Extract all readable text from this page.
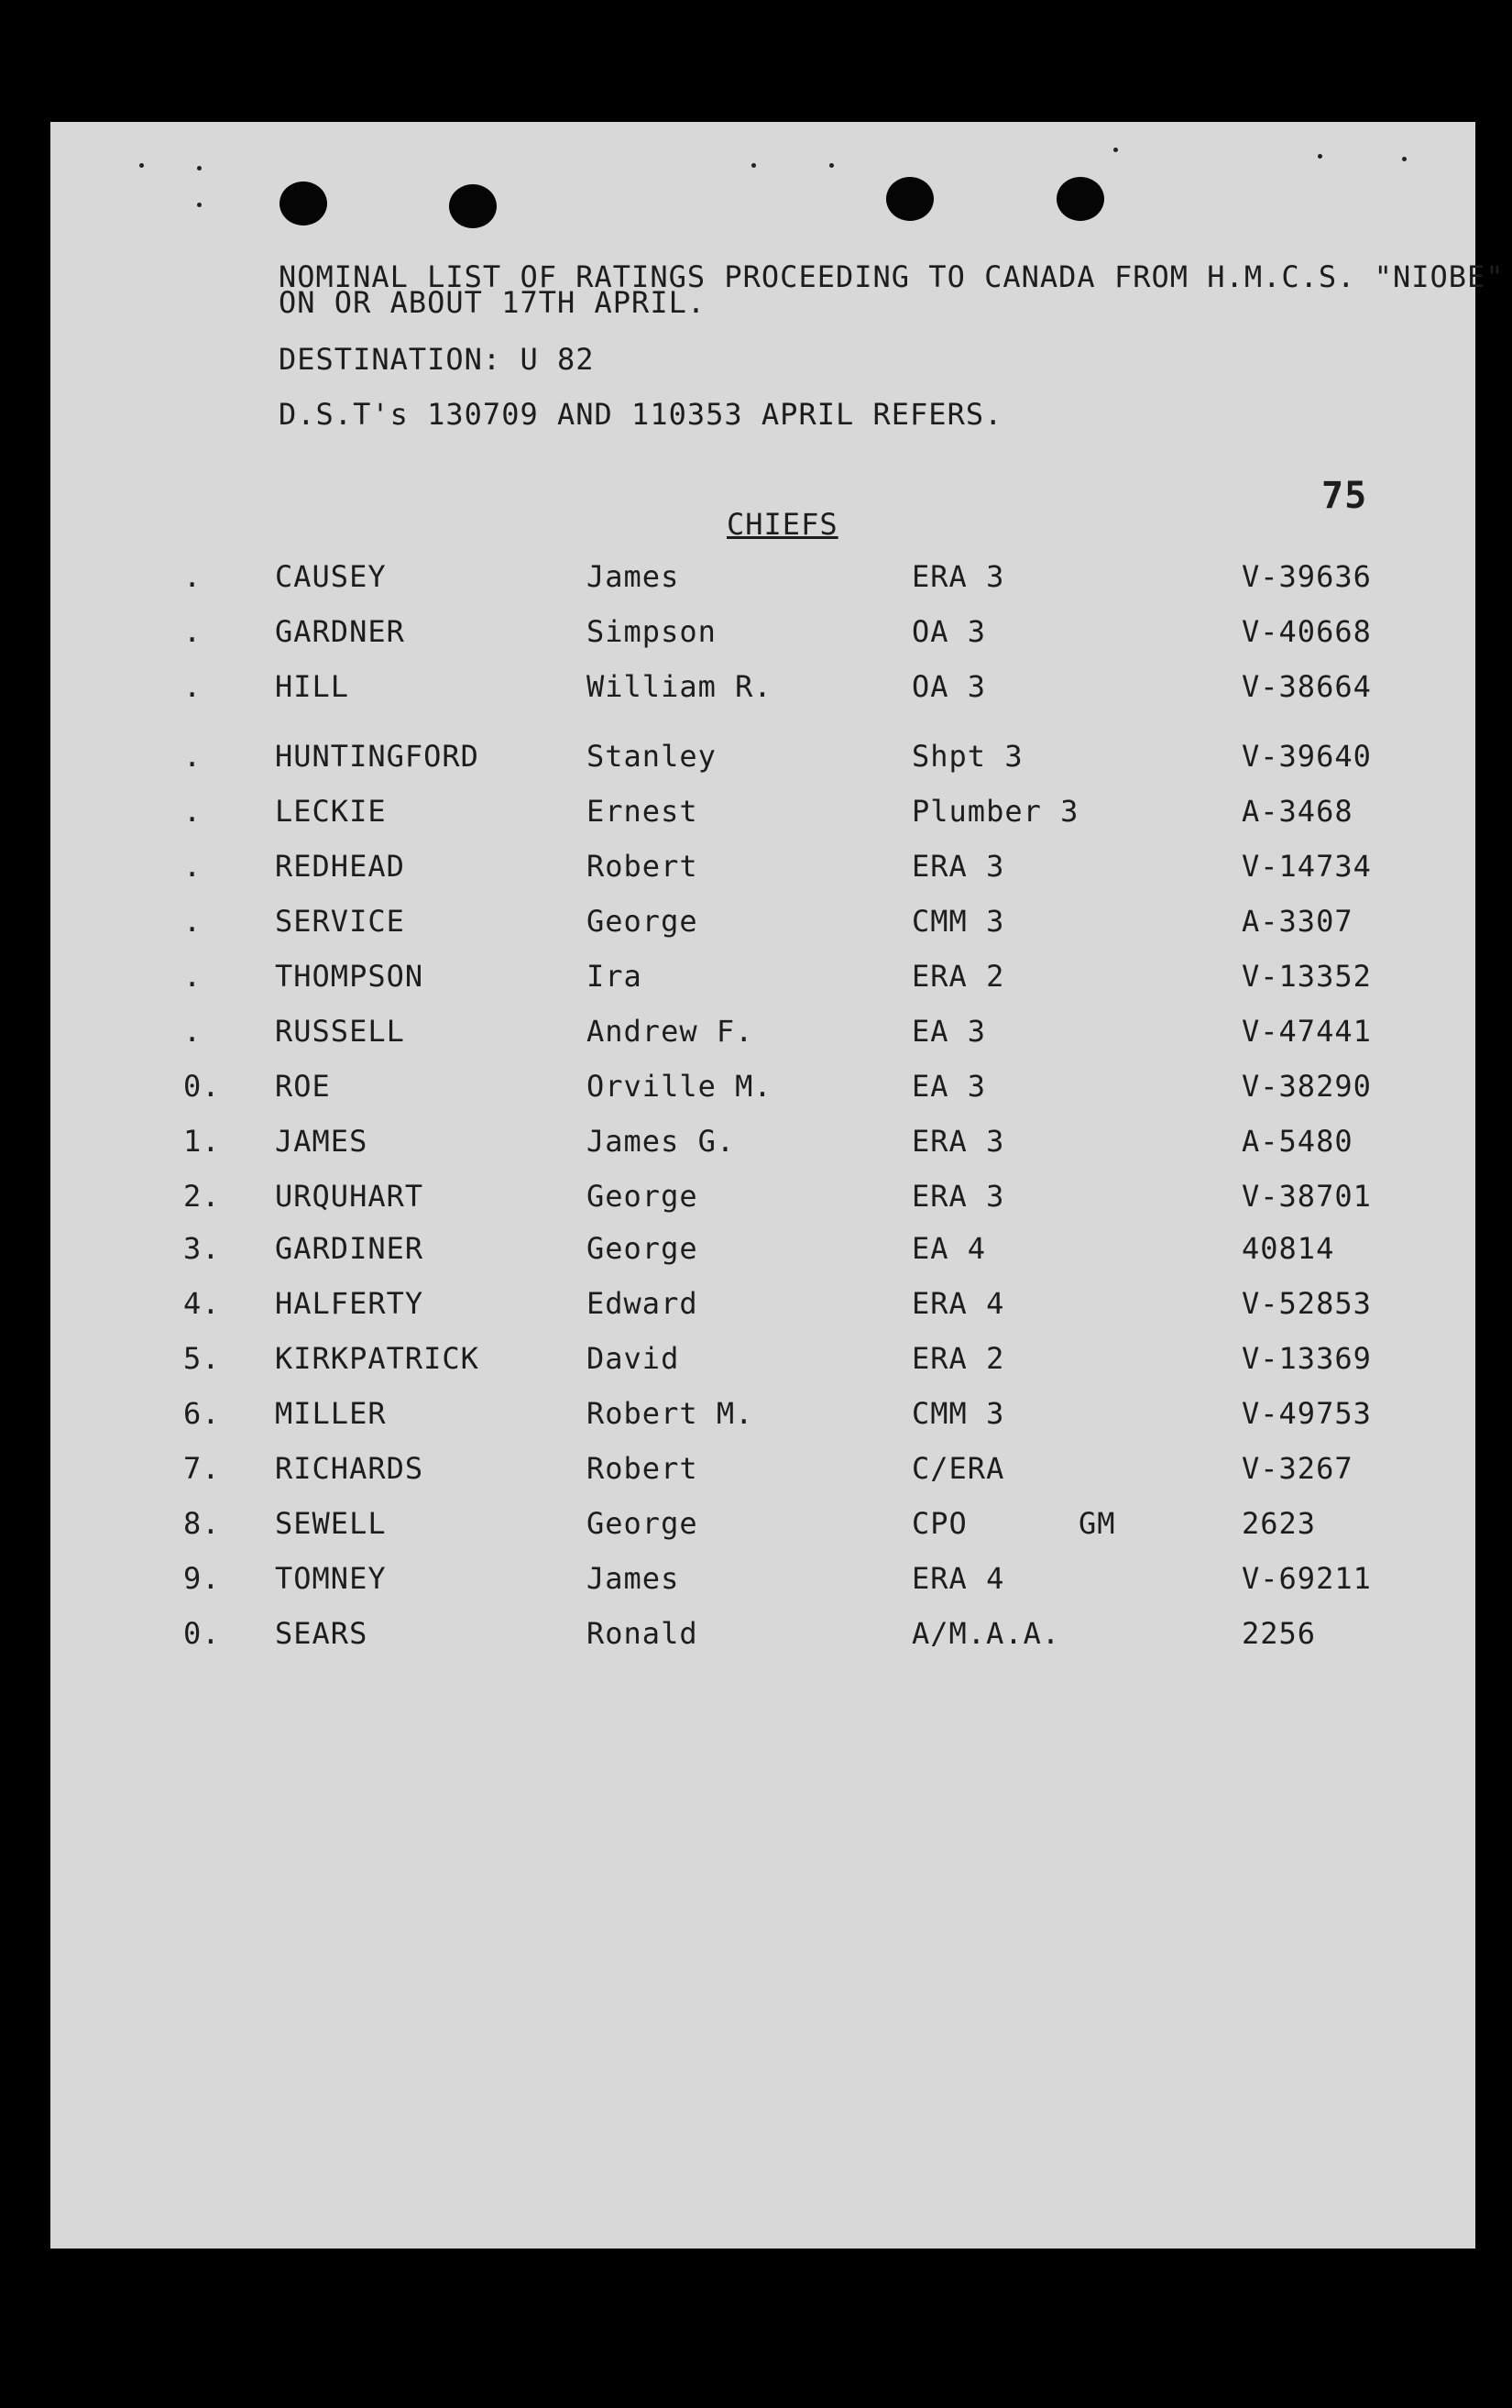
NOMINAL LIST OF RATINGS PROCEEDING TO CANADA FROM H.M.C.S. "NIOBE"
ON OR ABOUT 17TH APRIL.
DESTINATION: U 82
D.S.T's 130709 AND 110353 APRIL REFERS.
75
CHIEFS
. CAUSEY	James	ERA 3	V-39636
. GARDNER	Simpson	OA 3	V-40668
. HILL	William R.	OA 3	V-38664
. HUNTINGFORD	Stanley	Shpt 3	V-39640
. LECKIE	Ernest	Plumber 3	A-3468
. REDHEAD	Robert	ERA 3	V-14734
. SERVICE	George	CMM 3	A-3307
. THOMPSON	Ira	ERA 2	V-13352
. RUSSELL	Andrew F.	EA 3	V-47441
0. ROE	Orville M.	EA 3	V-38290
1. JAMES	James G.	ERA 3	A-5480
2. URQUHART	George	ERA 3	V-38701
3. GARDINER	George	EA 4	40814
4. HALFERTY	Edward	ERA 4	V-52853
5. KIRKPATRICK	David	ERA 2	V-13369
6. MILLER	Robert M.	CMM 3	V-49753
7. RICHARDS	Robert	C/ERA	V-3267
8. SEWELL	George	CPO	GM	2623
9. TOMNEY	James	ERA 4	V-69211
0. SEARS	Ronald	A/M.A.A.	2256
